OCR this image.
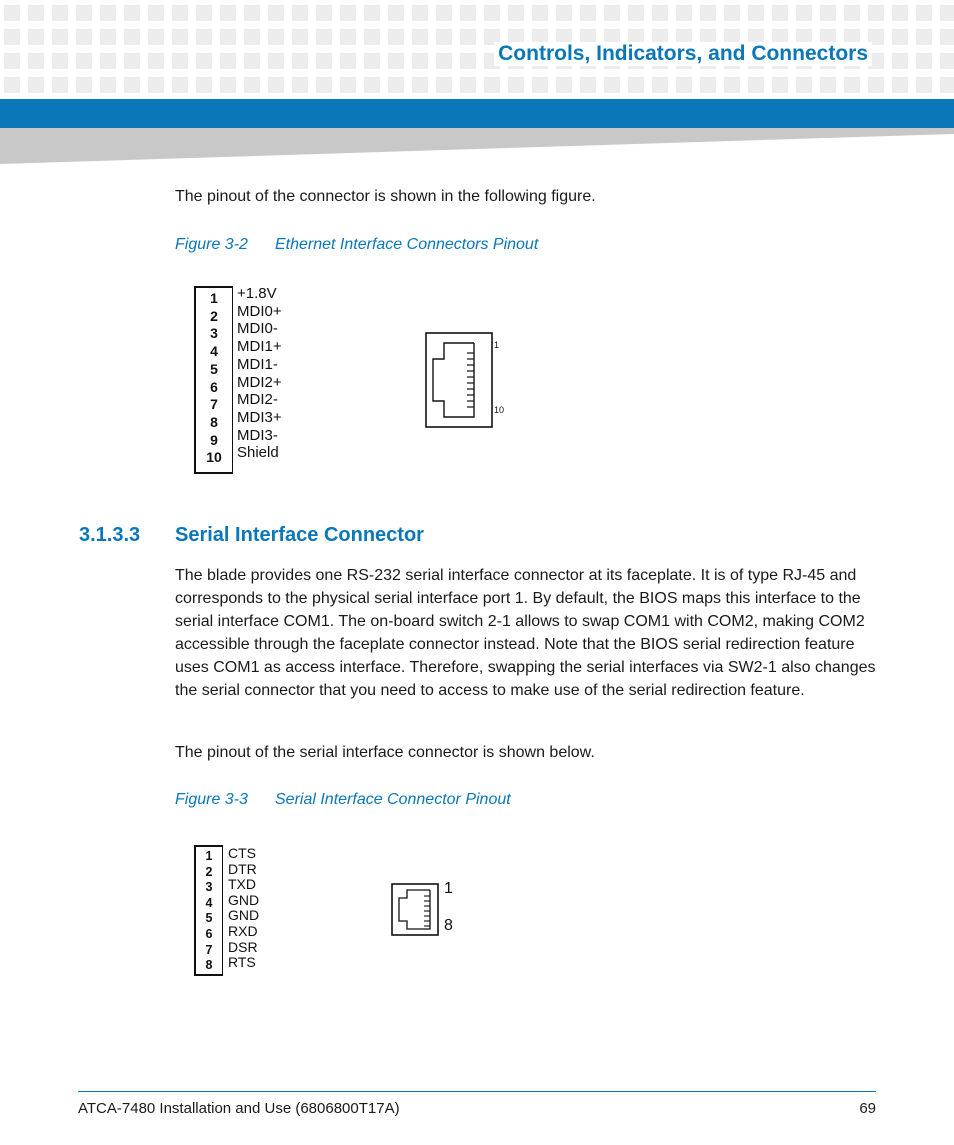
Controls, Indicators, and Connectors

The pinout of the connector is shown in the following figure.

Figure 3-2 Ethernet Interface Connectors Pinout
1
2
3
4
5
6
7
8
9
10
+1.8V
MDI0+
MDI0-
MDI1+
MDI1-
MDI2+
MDI2-
MDI3+
MDI3-
Shield
1
10
3.1.3.3 Serial Interface Connector

The blade provides one RS-232 serial interface connector at its faceplate. It is of type RJ-45 and corresponds to the physical serial interface port 1. By default, the BIOS maps this interface to the serial interface COM1. The on-board switch 2-1 allows to swap COM1 with COM2, making COM2 accessible through the faceplate connector instead. Note that the BIOS serial redirection feature uses COM1 as access interface. Therefore, swapping the serial interfaces via SW2-1 also changes the serial connector that you need to access to make use of the serial redirection feature.

The pinout of the serial interface connector is shown below.

Figure 3-3 Serial Interface Connector Pinout
1
2
3
4
5
6
7
8
CTS
DTR
TXD
GND
GND
RXD
DSR
RTS
1
8

ATCA-7480 Installation and Use (6806800T17A)	69
